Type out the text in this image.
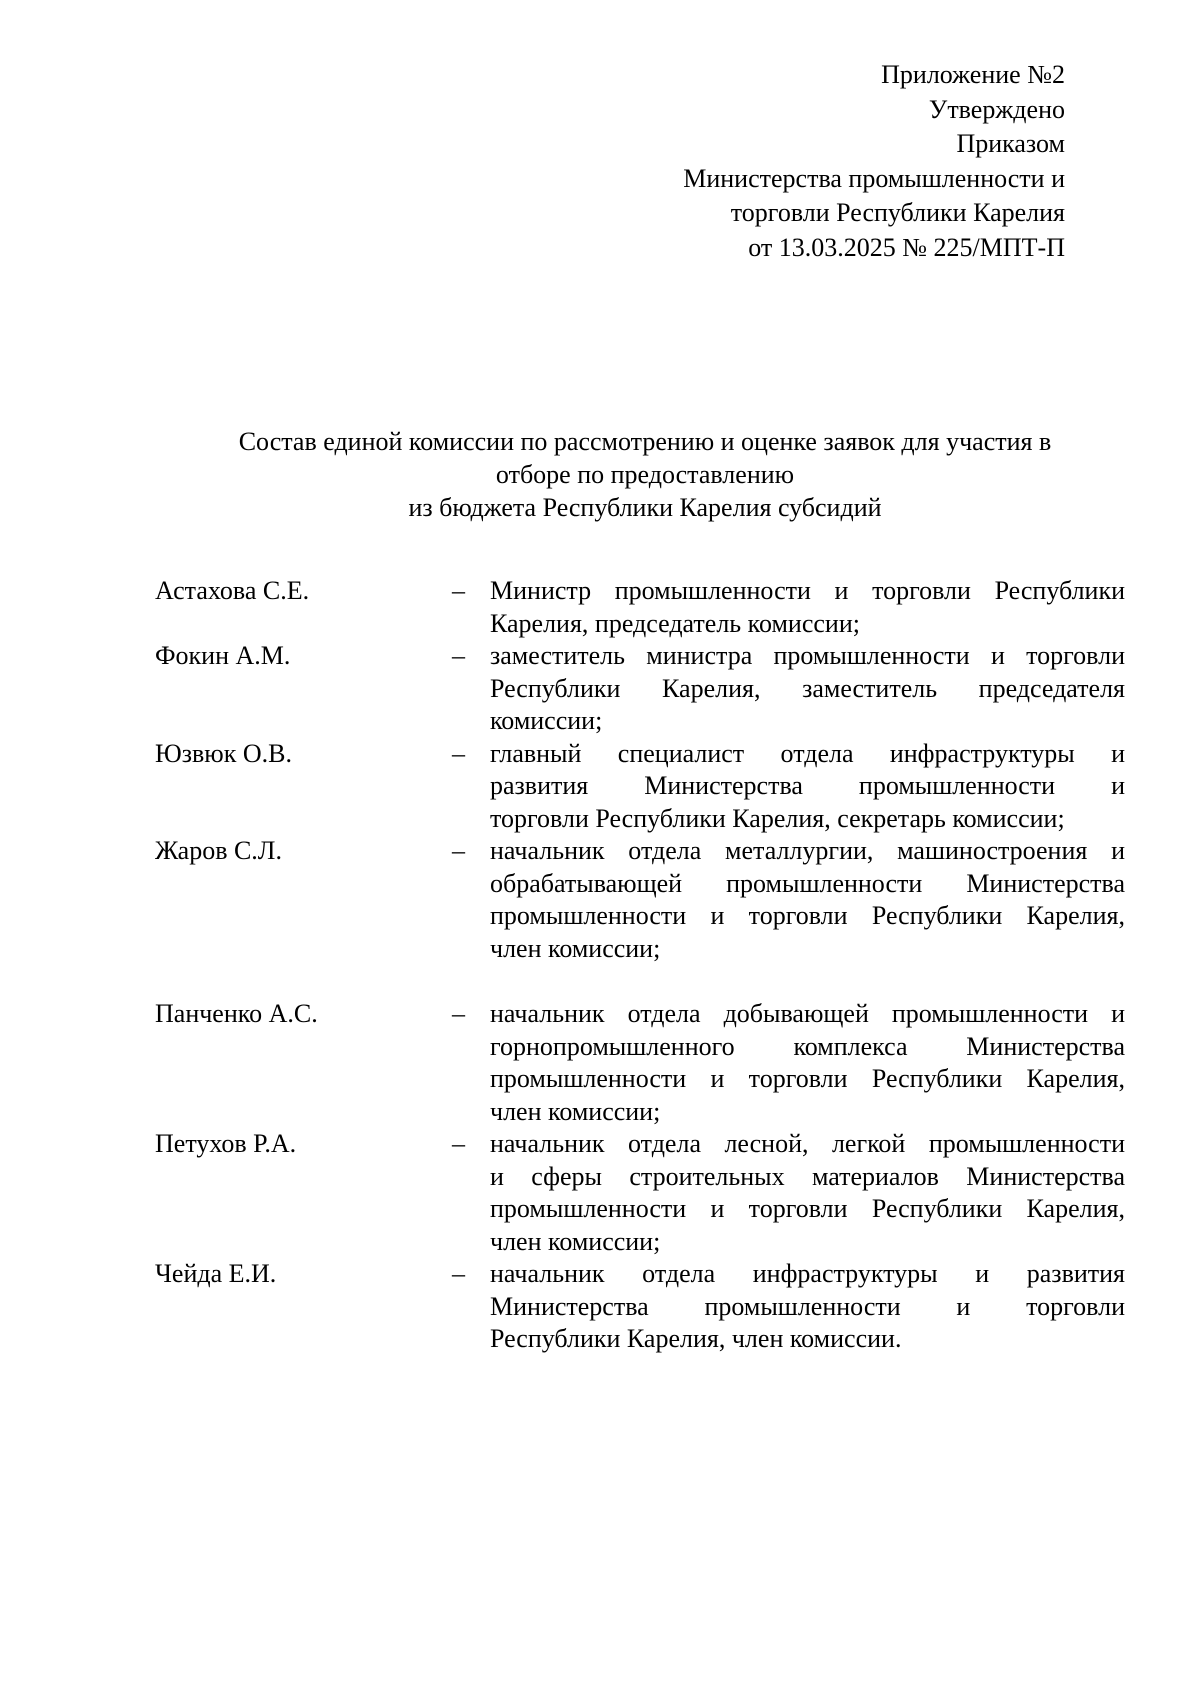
Приложение №2
Утверждено
Приказом
Министерства промышленности и
торговли Республики Карелия
от 13.03.2025 № 225/МПТ-П
Состав единой комиссии по рассмотрению и оценке заявок для участия в
отборе по предоставлению
из бюджета Республики Карелия субсидий
Астахова С.Е.	– Министр промышленности и торговли Республики
Карелия, председатель комиссии;
Фокин А.М.	– заместитель министра промышленности и торговли
Республики Карелия, заместитель председателя
комиссии;
Юзвюк О.В.	– главный специалист отдела инфраструктуры и
развития Министерства промышленности и
торговли Республики Карелия, секретарь комиссии;
Жаров С.Л.	– начальник отдела металлургии, машиностроения и
обрабатывающей промышленности Министерства
промышленности и торговли Республики Карелия,
член комиссии;
Панченко А.С.	– начальник отдела добывающей промышленности и
горнопромышленного комплекса Министерства
промышленности и торговли Республики Карелия,
член комиссии;
Петухов Р.А.	– начальник отдела лесной, легкой промышленности
и сферы строительных материалов Министерства
промышленности и торговли Республики Карелия,
член комиссии;
Чейда Е.И.	– начальник отдела инфраструктуры и развития
Министерства промышленности и торговли
Республики Карелия, член комиссии.
